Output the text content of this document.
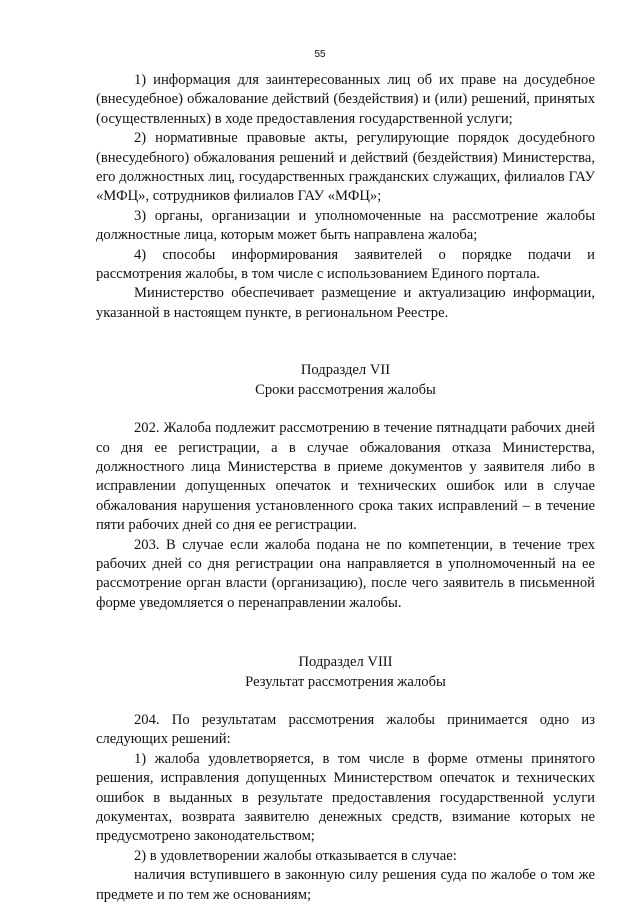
55

1) информация для заинтересованных лиц об их праве на досудебное (внесудебное) обжалование действий (бездействия) и (или) решений, принятых (осуществленных) в ходе предоставления государственной услуги;

2) нормативные правовые акты, регулирующие порядок досудебного (внесудебного) обжалования решений и действий (бездействия) Министерства, его должностных лиц, государственных гражданских служащих, филиалов ГАУ «МФЦ», сотрудников филиалов ГАУ «МФЦ»;

3) органы, организации и уполномоченные на рассмотрение жалобы должностные лица, которым может быть направлена жалоба;

4) способы информирования заявителей о порядке подачи и рассмотрения жалобы, в том числе с использованием Единого портала.

Министерство обеспечивает размещение и актуализацию информации, указанной в настоящем пункте, в региональном Реестре.

Подраздел VII

Сроки рассмотрения жалобы

202. Жалоба подлежит рассмотрению в течение пятнадцати рабочих дней со дня ее регистрации, а в случае обжалования отказа Министерства, должностного лица Министерства в приеме документов у заявителя либо в исправлении допущенных опечаток и технических ошибок или в случае обжалования нарушения установленного срока таких исправлений – в течение пяти рабочих дней со дня ее регистрации.

203. В случае если жалоба подана не по компетенции, в течение трех рабочих дней со дня регистрации она направляется в уполномоченный на ее рассмотрение орган власти (организацию), после чего заявитель в письменной форме уведомляется о перенаправлении жалобы.

Подраздел VIII

Результат рассмотрения жалобы

204. По результатам рассмотрения жалобы принимается одно из следующих решений:

1) жалоба удовлетворяется, в том числе в форме отмены принятого решения, исправления допущенных Министерством опечаток и технических ошибок в выданных в результате предоставления государственной услуги документах, возврата заявителю денежных средств, взимание которых не предусмотрено законодательством;

2) в удовлетворении жалобы отказывается в случае:

наличия вступившего в законную силу решения суда по жалобе о том же предмете и по тем же основаниям;
